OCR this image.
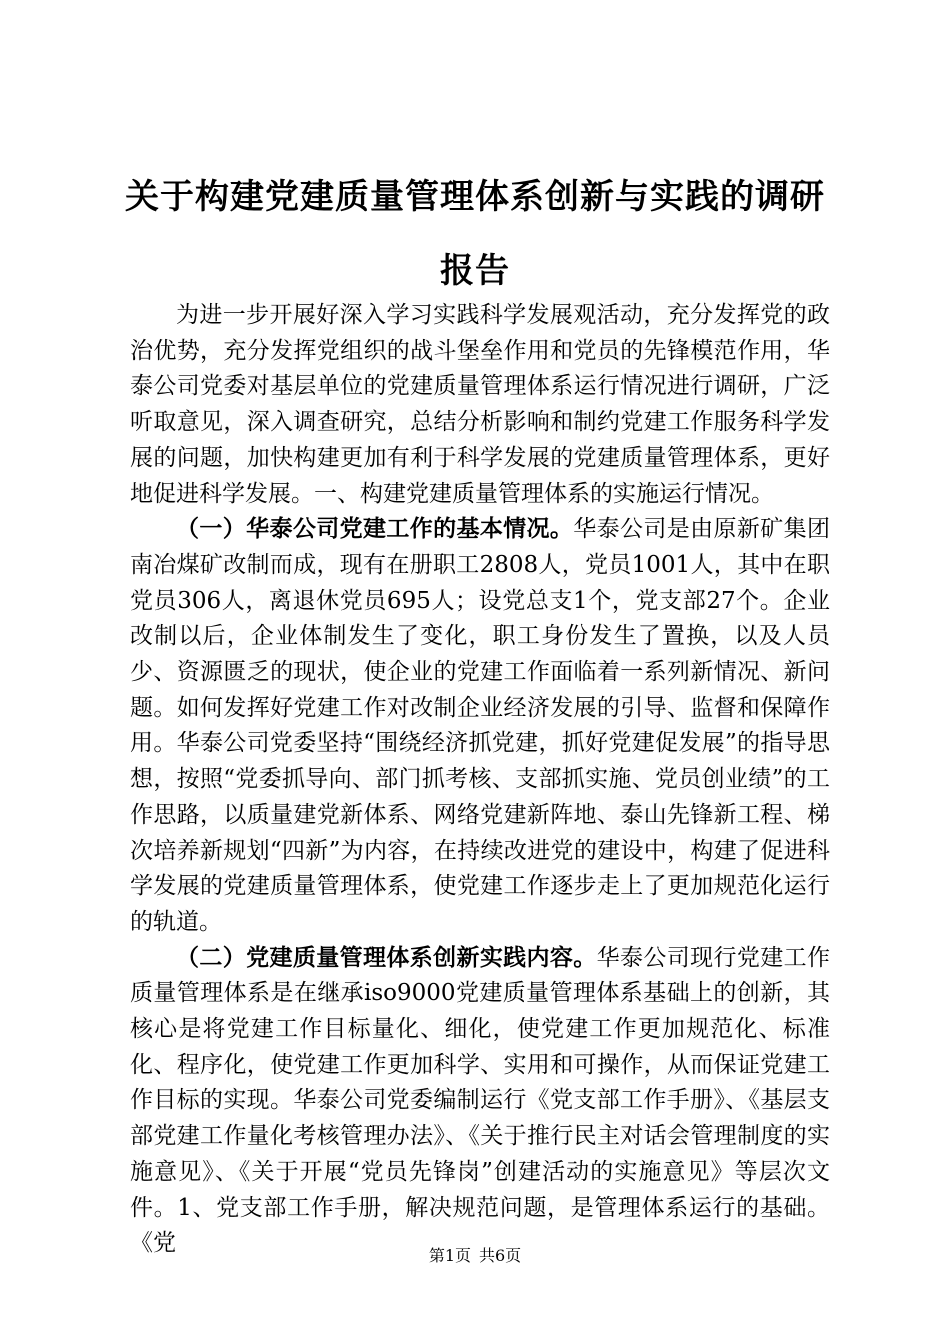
关于构建党建质量管理体系创新与实践的调研报告

为进一步开展好深入学习实践科学发展观活动，充分发挥党的政治优势，充分发挥党组织的战斗堡垒作用和党员的先锋模范作用，华泰公司党委对基层单位的党建质量管理体系运行情况进行调研，广泛听取意见，深入调查研究，总结分析影响和制约党建工作服务科学发展的问题，加快构建更加有利于科学发展的党建质量管理体系，更好地促进科学发展。一、构建党建质量管理体系的实施运行情况。

（一）华泰公司党建工作的基本情况。华泰公司是由原新矿集团南冶煤矿改制而成，现有在册职工2808人，党员1001人，其中在职党员306人，离退休党员695人；设党总支1个，党支部27个。企业改制以后，企业体制发生了变化，职工身份发生了置换，以及人员少、资源匮乏的现状，使企业的党建工作面临着一系列新情况、新问题。如何发挥好党建工作对改制企业经济发展的引导、监督和保障作用。华泰公司党委坚持“围绕经济抓党建，抓好党建促发展”的指导思想，按照“党委抓导向、部门抓考核、支部抓实施、党员创业绩”的工作思路，以质量建党新体系、网络党建新阵地、泰山先锋新工程、梯次培养新规划“四新”为内容，在持续改进党的建设中，构建了促进科学发展的党建质量管理体系，使党建工作逐步走上了更加规范化运行的轨道。

（二）党建质量管理体系创新实践内容。华泰公司现行党建工作质量管理体系是在继承iso9000党建质量管理体系基础上的创新，其核心是将党建工作目标量化、细化，使党建工作更加规范化、标准化、程序化，使党建工作更加科学、实用和可操作，从而保证党建工作目标的实现。华泰公司党委编制运行《党支部工作手册》、《基层支部党建工作量化考核管理办法》、《关于推行民主对话会管理制度的实施意见》、《关于开展“党员先锋岗”创建活动的实施意见》等层次文件。1、党支部工作手册，解决规范问题，是管理体系运行的基础。《党	第1页 共6页
